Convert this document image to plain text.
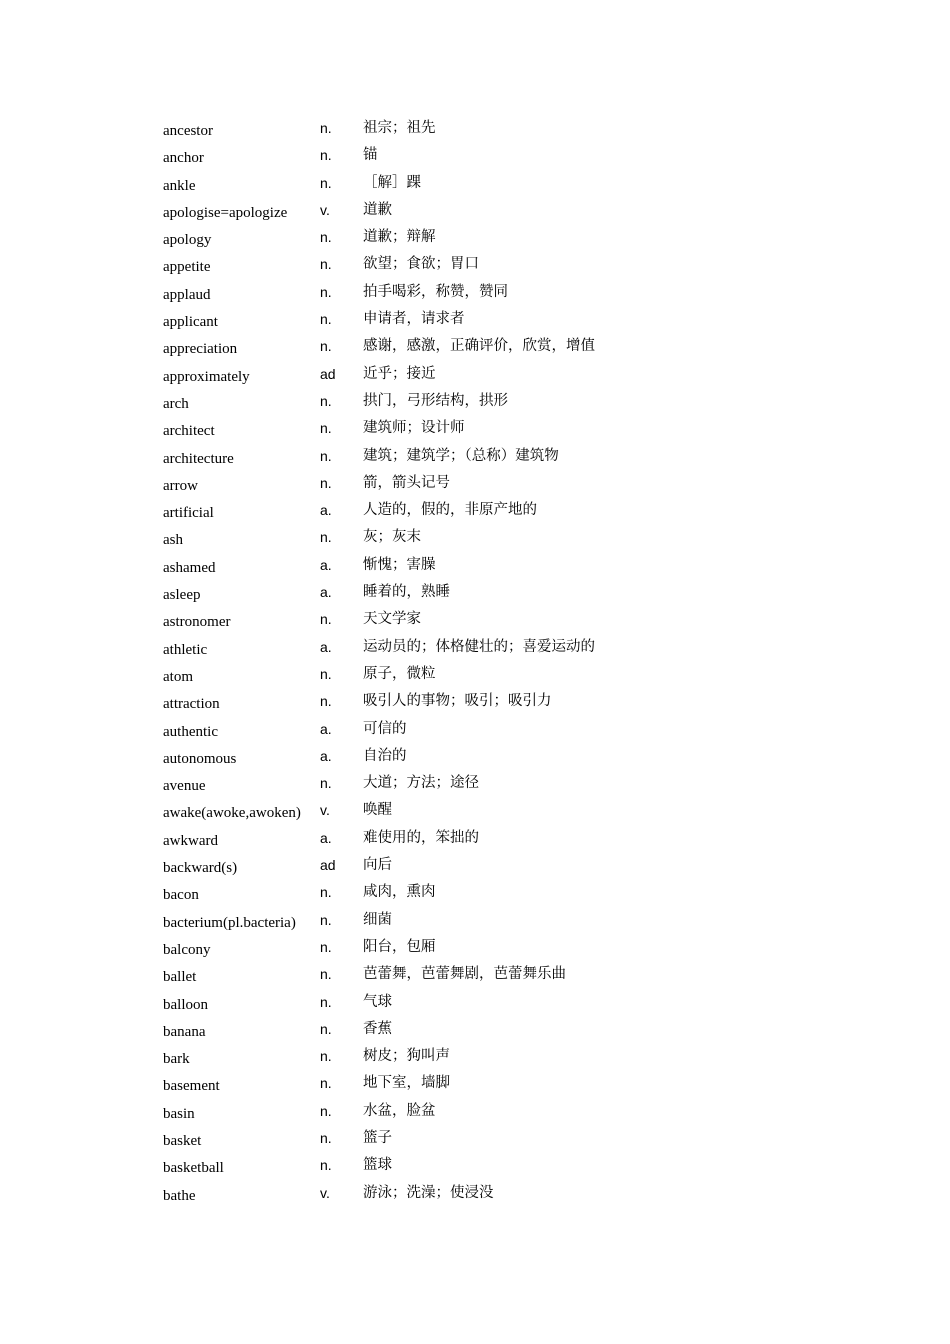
ancestor	n. 祖宗；祖先
anchor	n. 锚
ankle	n. ［解］踝
apologise=apologize	v. 道歉
apology	n. 道歉；辩解
appetite	n. 欲望；食欲；胃口
applaud	n. 拍手喝彩，称赞，赞同
applicant	n. 申请者，请求者
appreciation	n. 感谢，感激，正确评价，欣赏，增值
approximately	ad 近乎；接近
arch	n. 拱门，弓形结构，拱形
architect	n. 建筑师；设计师
architecture	n. 建筑；建筑学；（总称）建筑物
arrow	n. 箭，箭头记号
artificial	a. 人造的，假的，非原产地的
ash	n. 灰；灰末
ashamed	a. 惭愧；害臊
asleep	a. 睡着的，熟睡
astronomer	n. 天文学家
athletic	a. 运动员的；体格健壮的；喜爱运动的
atom	n. 原子，微粒
attraction	n. 吸引人的事物；吸引；吸引力
authentic	a. 可信的
autonomous	a. 自治的
avenue	n. 大道；方法；途径
awake(awoke,awoken)	v. 唤醒
awkward	a. 难使用的，笨拙的
backward(s)	ad 向后
bacon	n. 咸肉，熏肉
bacterium(pl.bacteria)	n. 细菌
balcony	n. 阳台，包厢
ballet	n. 芭蕾舞，芭蕾舞剧，芭蕾舞乐曲
balloon	n. 气球
banana	n. 香蕉
bark	n. 树皮；狗叫声
basement	n. 地下室，墙脚
basin	n. 水盆，脸盆
basket	n. 篮子
basketball	n. 篮球
bathe	v. 游泳；洗澡；使浸没
